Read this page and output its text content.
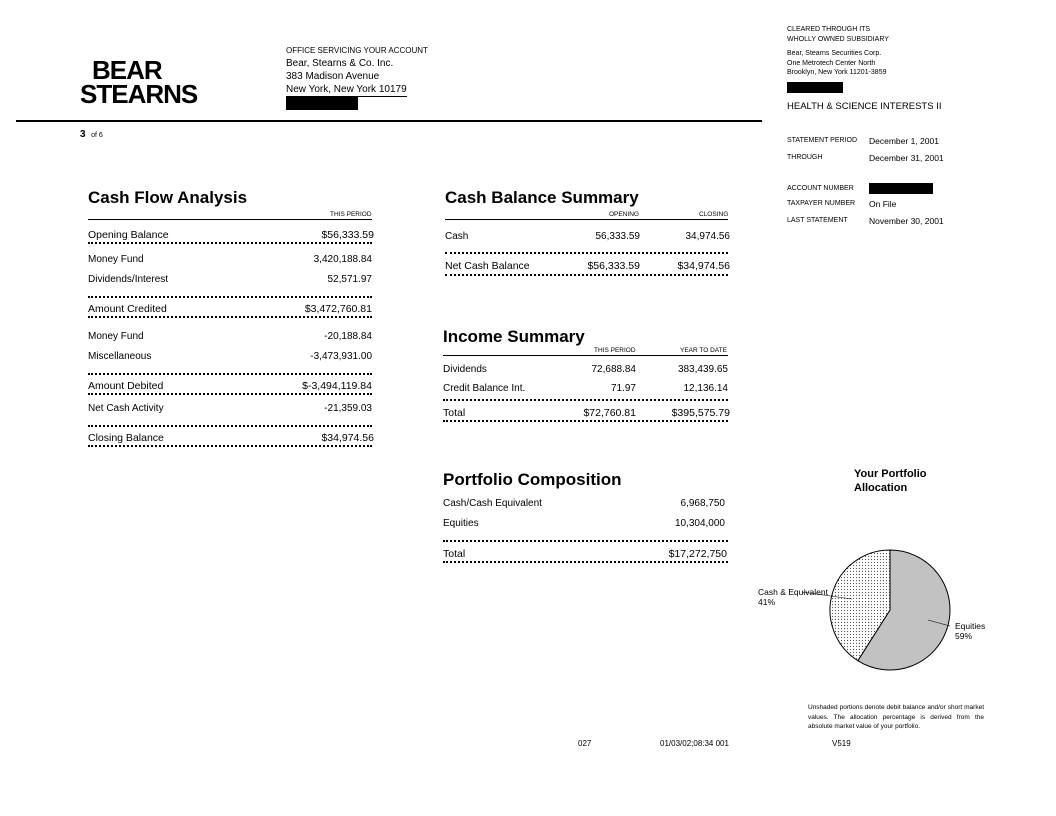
BEAR
STEARNS
OFFICE SERVICING YOUR ACCOUNT
Bear, Stearns & Co. Inc.
383 Madison Avenue
New York, New York 10179
CLEARED THROUGH ITS
WHOLLY OWNED SUBSIDIARY
Bear, Stearns Securities Corp.
One Metrotech Center North
Brooklyn, New York 11201-3859
HEALTH & SCIENCE INTERESTS II
3 of 6
STATEMENT PERIOD December 1, 2001
THROUGH	December 31, 2001
ACCOUNT NUMBER
TAXPAYER NUMBER On File
LAST STATEMENT	November 30, 2001
Cash Flow Analysis
THIS PERIOD
Opening Balance	$56,333.59
Money Fund	3,420,188.84
Dividends/Interest	52,571.97
Amount Credited	$3,472,760.81
Money Fund	-20,188.84
Miscellaneous	-3,473,931.00
Amount Debited	$-3,494,119.84
Net Cash Activity	-21,359.03
Closing Balance	$34,974.56
Cash Balance Summary
OPENING	CLOSING
Cash	56,333.59	34,974.56
Net Cash Balance	$56,333.59	$34,974.56
Income Summary
THIS PERIOD	YEAR TO DATE
Dividends	72,688.84	383,439.65
Credit Balance Int.	71.97	12,136.14
Total	$72,760.81	$395,575.79
Portfolio Composition
Cash/Cash Equivalent	6,968,750
Equities	10,304,000
Total	$17,272,750
Your Portfolio
Allocation
Cash & Equivalent
41%
Equities
59%
Unshaded portions denote debit balance and/or short market values. The allocation percentage is derived from the absolute market value of your portfolio.
027	01/03/02;08:34 001	V519
